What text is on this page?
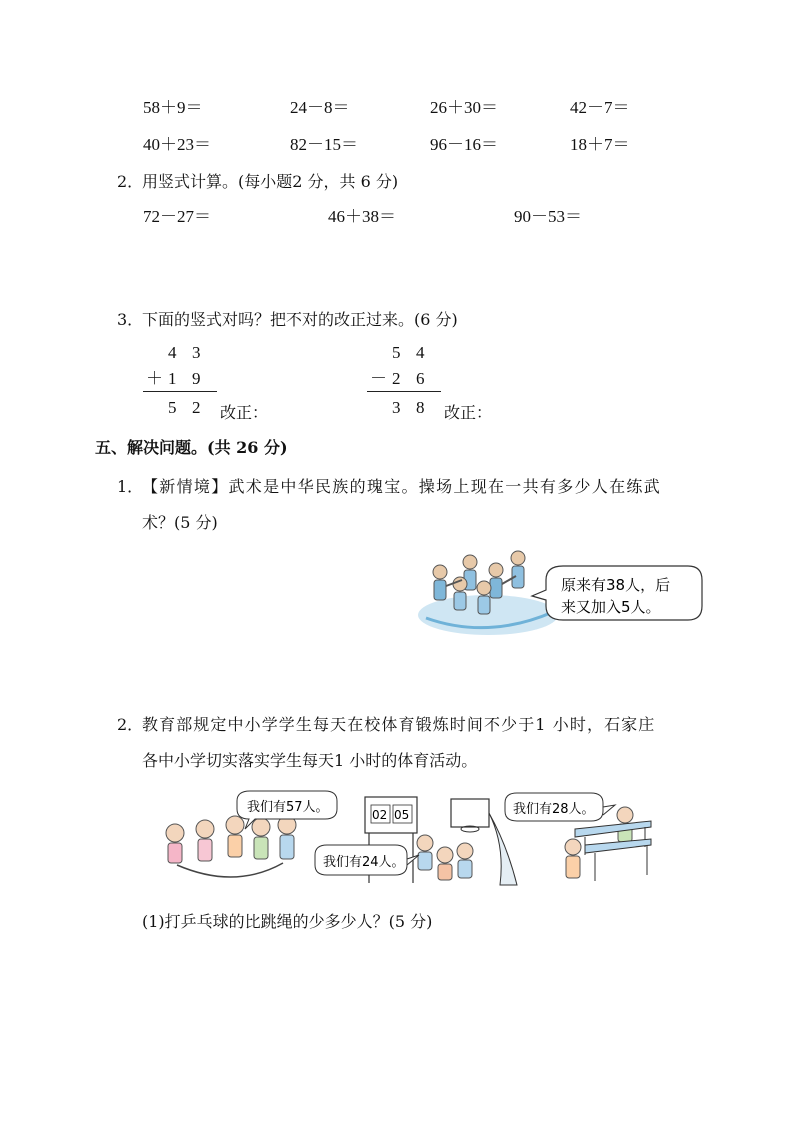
58＋9＝	24－8＝	26＋30＝	42－7＝
40＋23＝	82－15＝	96－16＝	18＋7＝
2．
用竖式计算。(每小题2 分，共 6 分)
72－27＝	46＋38＝	90－53＝
3．
下面的竖式对吗？把不对的改正过来。(6 分)
4 3
＋ 1 9
5 2 改正：
5 4
－ 2 6
3 8 改正：
五、解决问题。(共 26 分)
1．
【新情境】武术是中华民族的瑰宝。操场上现在一共有多少人在练武
术？(5 分)
原来有38人，后
来又加入5人。
2．
教育部规定中小学学生每天在校体育锻炼时间不少于1 小时，石家庄
各中小学切实落实学生每天1 小时的体育活动。
我们有57人。	02 05
我们有24人。
我们有28人。
(1)打乒乓球的比跳绳的少多少人？(5 分)
